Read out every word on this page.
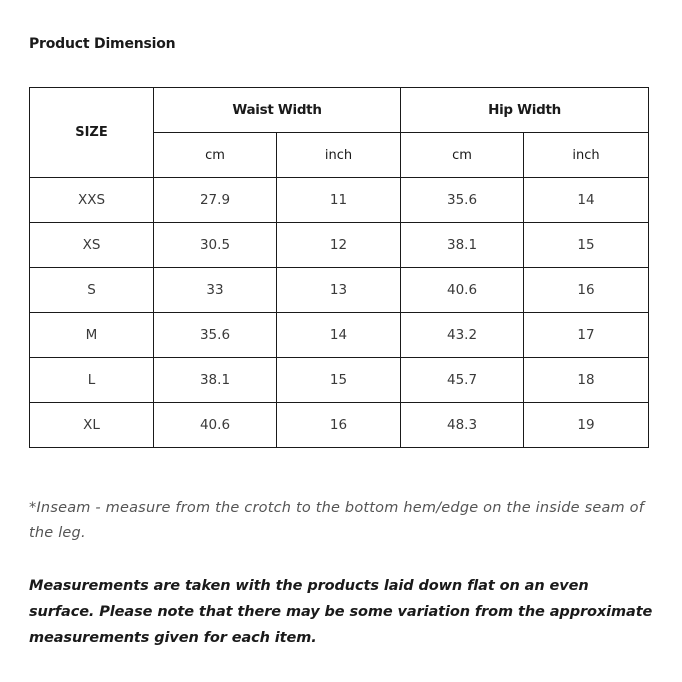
Product Dimension
SIZE	Waist Width		Hip Width	
	cm	inch	cm	inch
XXS	27.9	11	35.6	14
XS	30.5	12	38.1	15
S	33	13	40.6	16
M	35.6	14	43.2	17
L	38.1	15	45.7	18
XL	40.6	16	48.3	19
*Inseam - measure from the crotch to the bottom hem/edge on the inside seam of the leg.
Measurements are taken with the products laid down flat on an even surface. Please note that there may be some variation from the approximate measurements given for each item.
